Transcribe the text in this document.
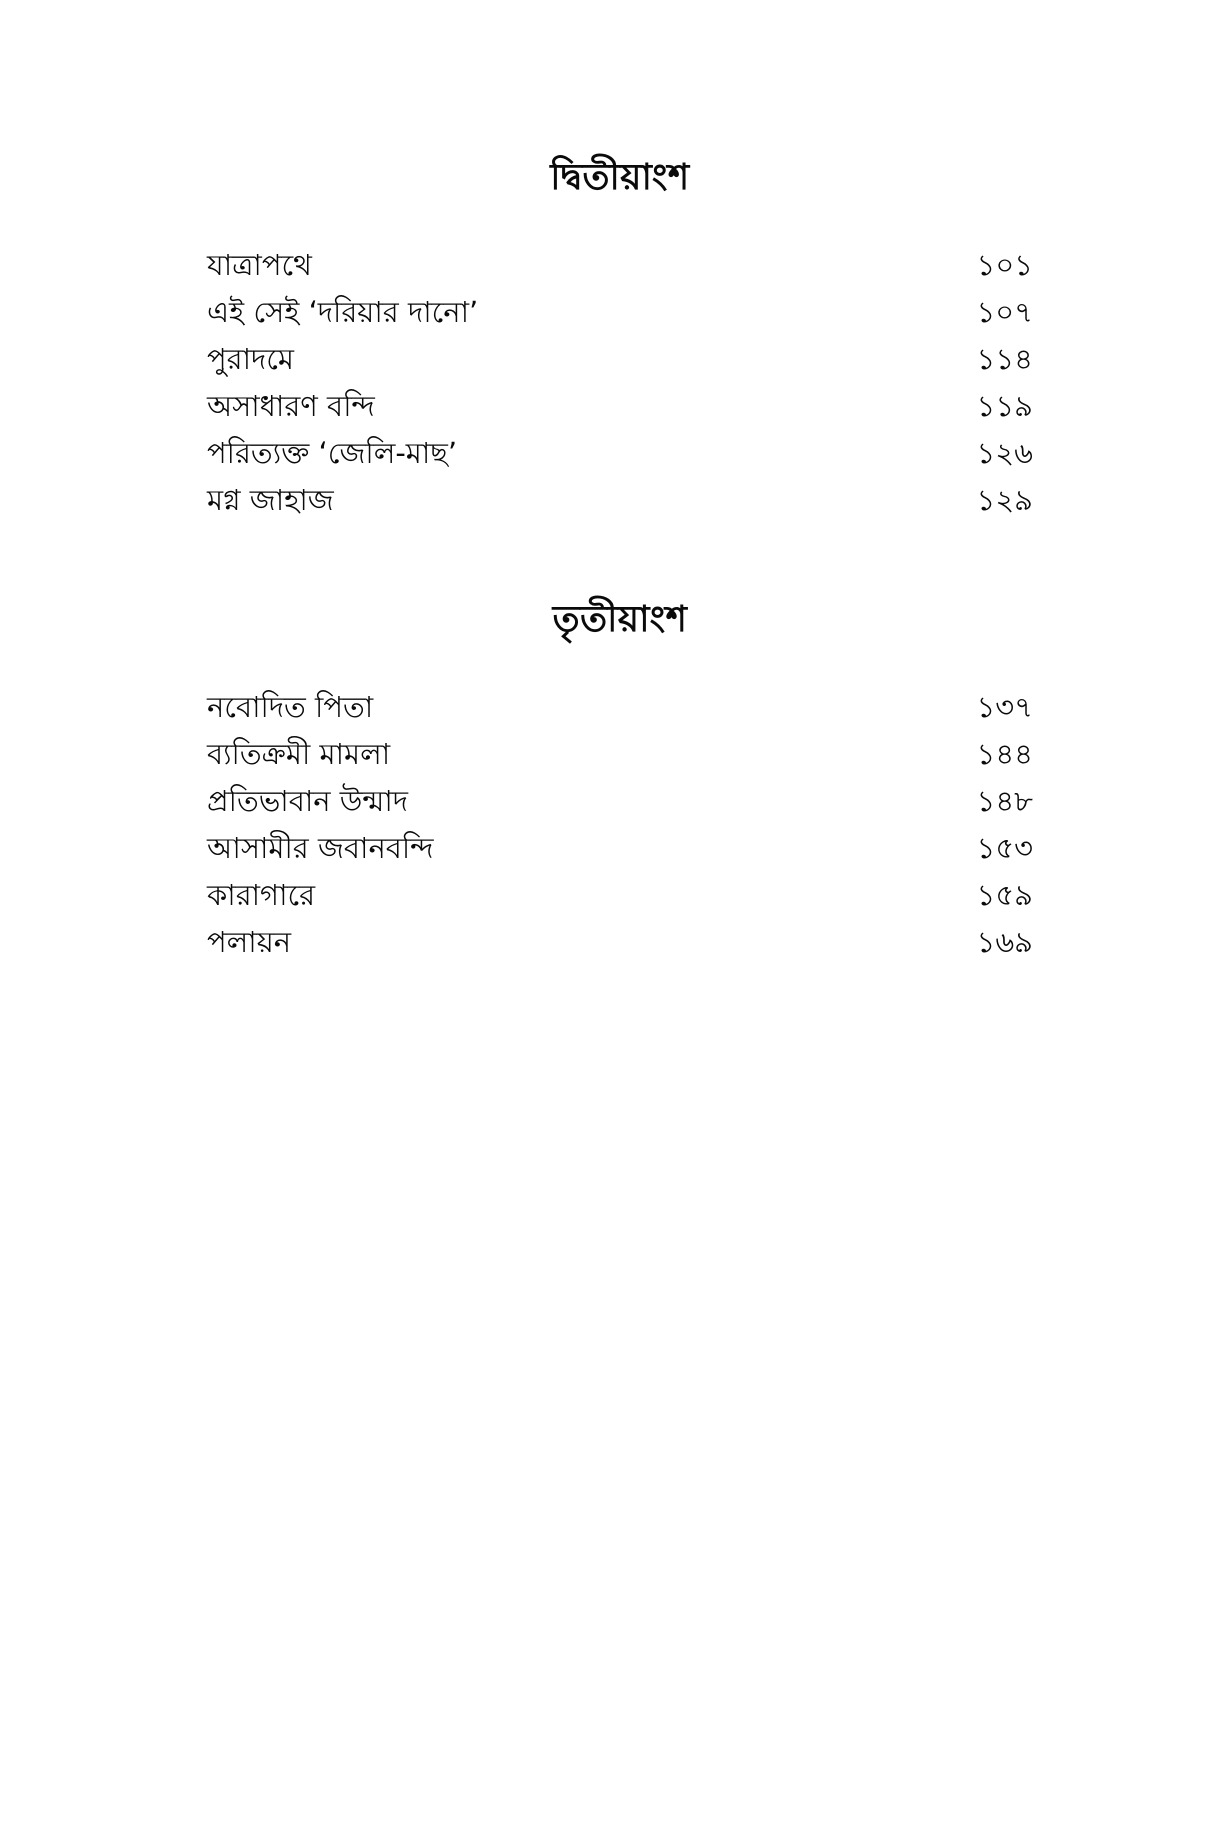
দ্বিতীয়াংশ
যাত্রাপথে	১০১
এই সেই ‘দরিয়ার দানো’	১০৭
পুরাদমে	১১৪
অসাধারণ বন্দি	১১৯
পরিত্যক্ত ‘জেলি-মাছ’	১২৬
মগ্ন জাহাজ	১২৯
তৃতীয়াংশ
নবোদিত পিতা	১৩৭
ব্যতিক্রমী মামলা	১৪৪
প্রতিভাবান উন্মাদ	১৪৮
আসামীর জবানবন্দি	১৫৩
কারাগারে	১৫৯
পলায়ন	১৬৯
